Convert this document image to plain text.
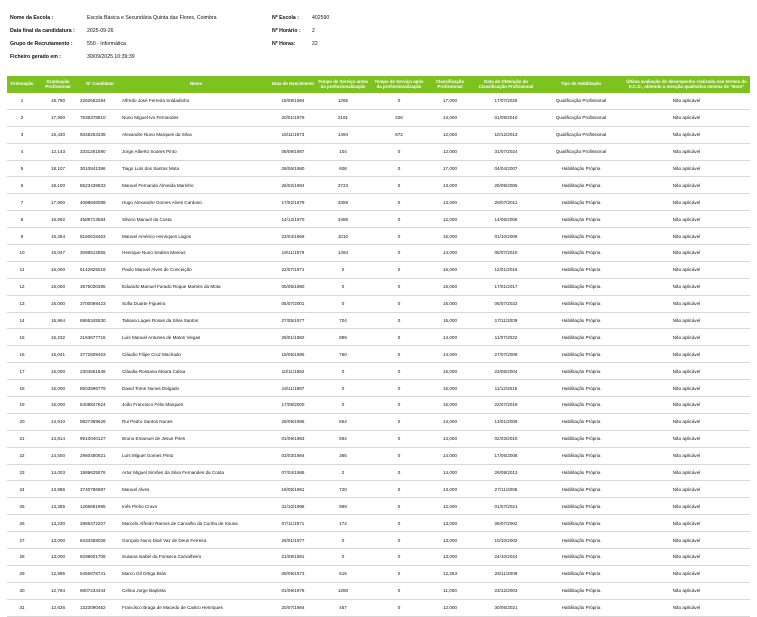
Nome da Escola :	Escola Básica e Secundária Quinta das Flores, Coimbra
Data final da candidatura : 2025-09-26
Grupo de Recrutamento :	550 - Informática
Ficheiro gerado em :	30/09/2025 10:39:39
Nº Escola :	402590
Nº Horário : 2
Nº Horas:	22
Ordenação	Graduação Profissional	Nº Candidato	Nome	Data de Nascimento	Tempo de Serviço antes da profissionalização	Tempo de Serviço após da profissionalização	Classificação Profissional	Data de Obtenção da Classificação Profissional	Tipo de Habilitação	Última avaliação de desempenho realizada nos termos do E.C.D., obtendo a menção qualitativa mínima de "Bom"
1	18,780	2262652294	Alfredo José Ferreira Soldadinho	19/09/1984	1265	0	17,000	17/07/2025	Qualificação Profissional	Não aplicável
2	17,900	7536378810	Nuno Miguel Ivo Fernandes	20/01/1979	2191	328	14,000	01/09/2010	Qualificação Profissional	Não aplicável
3	16,430	9348253338	Alexandre Nuno Marques da Silva	18/11/1973	1494	872	12,000	10/12/2013	Qualificação Profissional	Não aplicável
4	12,143	3331261590	Jorge Alberto Soares Pinto	09/09/1987	104	0	12,000	31/07/2024	Qualificação Profissional	Não aplicável
5	18,107	3010841396	Tiago Luís dos Santos Mota	28/06/1980	608	0	17,000	04/04/2007	Habilitação Própria	Não aplicável
6	18,100	8523439933	Manuel Fernando Almeida Marinho	26/02/1984	3723	0	13,000	29/09/2005	Habilitação Própria	Não aplicável
7	17,600	4088846088	Hugo Alexandre Gomes Alves Cardoso	17/02/1979	3359	0	13,000	25/07/2011	Habilitação Própria	Não aplicável
8	16,692	4589713584	Silvino Manuel da Costa	14/12/1970	3485	0	12,000	14/06/2006	Habilitação Própria	Não aplicável
9	16,364	8160618463	Manuel Américo Henriques Lagos	23/04/1969	1010	0	15,000	01/10/2009	Habilitação Própria	Não aplicável
10	16,047	3096512855	Henrique Nuno Seabra Mareus	19/11/1979	1494	0	14,000	05/07/2010	Habilitação Própria	Não aplicável
11	16,000	6142925016	Paulo Manuel Alves de Conceição	22/07/1971	0	0	16,000	12/01/2016	Habilitação Própria	Não aplicável
12	16,000	3575030365	Eduardo Manuel Furado Roque Martins da Mota	05/05/1980	0	0	16,000	17/01/2017	Habilitação Própria	Não aplicável
13	16,000	3700069423	Sofia Duarte Figueira	05/07/2001	0	0	16,000	06/07/2022	Habilitação Própria	Não aplicável
14	15,964	6955345530	Tatiana Lages Rosas da Silva Santos	27/05/1977	704	0	15,000	17/11/2009	Habilitação Própria	Não aplicável
15	15,232	2163677715	Luís Manuel Antunes de Matos Viegas	29/01/1982	899	0	14,000	11/07/2022	Habilitação Própria	Não aplicável
16	15,041	3772609463	Cláudio Filipe Cruz Machado	18/05/1985	760	0	14,000	27/07/2009	Habilitação Própria	Não aplicável
17	15,000	2304551646	Cláudia Rossana Moura Calixa	10/11/1982	0	0	15,000	23/06/2004	Habilitação Própria	Não aplicável
18	15,000	8503996779	David Tomé Nunes Delgado	18/11/1987	0	0	15,000	11/12/2015	Habilitação Própria	Não aplicável
19	15,000	5408847624	João Francisco Félix Marques	17/09/2000	0	0	15,000	22/07/2019	Habilitação Própria	Não aplicável
20	14,910	9827369626	Rui Pedro Santos Nunes	28/09/1985	664	0	14,000	13/01/2009	Habilitação Própria	Não aplicável
21	14,814	9910040127	Bruno Emanuel de Jesus Pires	01/09/1983	594	0	14,000	02/03/2010	Habilitação Própria	Não aplicável
22	14,500	2960480621	Luís Miguel Gomes Pinto	03/03/1984	365	0	14,000	17/06/2008	Habilitação Própria	Não aplicável
23	14,003	1989625576	Artur Miguel Simões da Silva Fernandes da Costa	07/04/1986	2	0	14,000	26/09/2013	Habilitação Própria	Não aplicável
24	13,986	3740786987	Manuel Alves	19/05/1981	720	0	13,000	27/11/2006	Habilitação Própria	Não aplicável
25	13,355	1266681995	Inês Pinho Cravo	31/10/1998	969	0	12,000	01/07/2021	Habilitação Própria	Não aplicável
26	13,230	2985472207	Marcelo Alfredo Ramos de Carvalho da Cunha de Sousa	07/11/1971	174	0	13,000	06/07/2002	Habilitação Própria	Não aplicável
27	13,000	8434358028	Gonçalo Nuno Dias Vaz de Deus Ferreira	26/01/1977	0	0	13,000	10/10/2002	Habilitação Própria	Não aplicável
28	13,000	8298601706	Susana Isabel da Fonseca Carvalheiro	21/09/1981	0	0	13,000	24/10/2024	Habilitação Própria	Não aplicável
29	12,895	5456878741	Marco Gil Ortiga Brás	08/09/1973	615	0	12,253	26/11/2009	Habilitação Própria	Não aplicável
30	12,764	6607234444	Celina Jorge Baptista	01/09/1978	1280	0	11,000	23/12/2003	Habilitação Própria	Não aplicável
31	12,626	1323090462	Francisco Braga de Macedo de Castro Henriques	20/07/1984	457	0	12,000	30/06/2021	Habilitação Própria	Não aplicável
